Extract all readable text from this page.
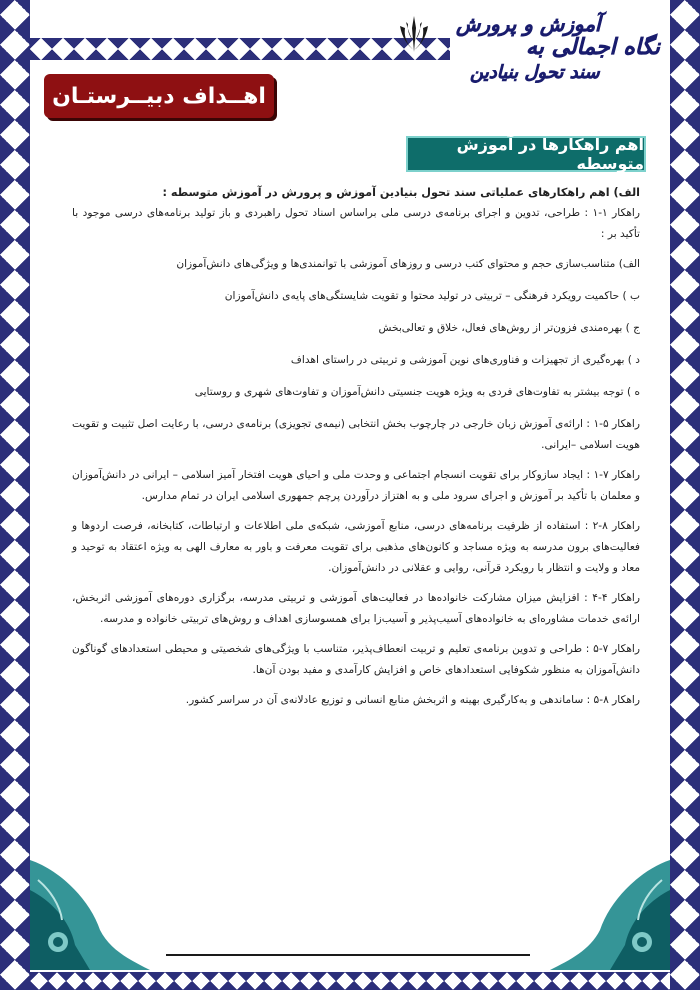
آموزش و پرورش
نگاه اجمالی به
سند تحول بنیادین
اهــداف دبیــرستـان
اهم راهکارها در آموزش متوسطه

الف) اهم راهکارهای عملیاتی سند تحول بنیادین آموزش و پرورش در آموزش متوسطه :

راهکار ۱-۱ : طراحی، تدوین و اجرای برنامه‌ی درسی ملی براساس اسناد تحول راهبردی و باز تولید برنامه‌های درسی موجود با تأکید بر :

الف) متناسب‌سازی حجم و محتوای کتب درسی و روزهای آموزشی با توانمندی‌ها و ویژگی‌های دانش‌آموزان

ب ) حاکمیت رویکرد فرهنگی – تربیتی در تولید محتوا و تقویت شایستگی‌های پایه‌ی دانش‌آموزان

ج ) بهره‌مندی فزون‌تر از روش‌های فعال، خلاق و تعالی‌بخش

د ) بهره‌گیری از تجهیزات و فناوری‌های نوین آموزشی و تربیتی در راستای اهداف

ه ) توجه بیشتر به تفاوت‌های فردی به ویژه هویت جنسیتی دانش‌آموزان و تفاوت‌های شهری و روستایی

راهکار ۵-۱ : ارائه‌ی آموزش زبان خارجی در چارچوب بخش انتخابی (نیمه‌ی تجویزی) برنامه‌ی درسی، با رعایت اصل تثبیت و تقویت هویت اسلامی –ایرانی.

راهکار ۷-۱ : ایجاد سازوکار برای تقویت انسجام اجتماعی و وحدت ملی و احیای هویت افتخار آمیز اسلامی – ایرانی در دانش‌آموزان و معلمان با تأکید بر آموزش و اجرای سرود ملی و به اهتزاز درآوردن پرچم جمهوری اسلامی ایران در تمام مدارس.

راهکار ۸-۲ : استفاده از ظرفیت برنامه‌های درسی، منابع آموزشی، شبکه‌ی ملی اطلاعات و ارتباطات، کتابخانه، فرصت اردوها و فعالیت‌های برون مدرسه به ویژه مساجد و کانون‌های مذهبی برای تقویت معرفت و باور به معارف الهی به ویژه اعتقاد به توحید و معاد و ولایت و انتظار با رویکرد قرآنی، روایی و عقلانی در دانش‌آموزان.

راهکار ۴-۴ : افزایش میزان مشارکت خانواده‌ها در فعالیت‌های آموزشی و تربیتی مدرسه، برگزاری دوره‌های آموزشی اثربخش، ارائه‌ی خدمات مشاوره‌ای به خانواده‌های آسیب‌پذیر و آسیب‌زا برای همسوسازی اهداف و روش‌های تربیتی خانواده و مدرسه.

راهکار ۷-۵ : طراحی و تدوین برنامه‌ی تعلیم و تربیت انعطاف‌پذیر، متناسب با ویژگی‌های شخصیتی و محیطی استعدادهای گوناگون دانش‌آموزان به منظور شکوفایی استعدادهای خاص و افزایش کارآمدی و مفید بودن آن‌ها.

راهکار ۸-۵ : ساماندهی و به‌کارگیری بهینه و اثربخش منابع انسانی و توزیع عادلانه‌ی آن در سراسر کشور.
